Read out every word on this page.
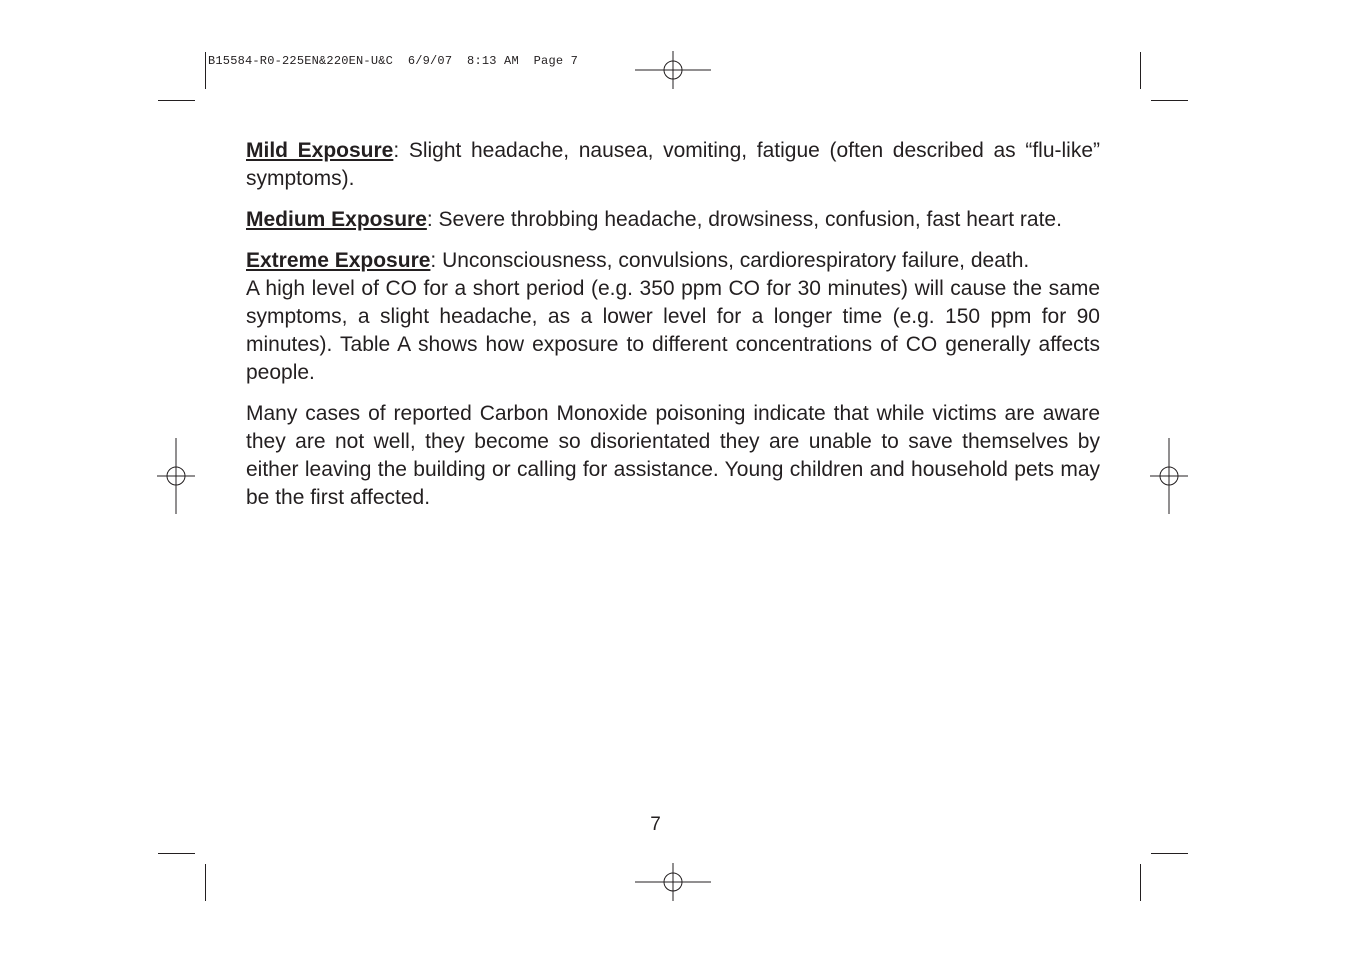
B15584-R0-225EN&220EN-U&C  6/9/07  8:13 AM  Page 7

Mild Exposure: Slight headache, nausea, vomiting, fatigue (often described as “flu-like” symptoms).

Medium Exposure: Severe throbbing headache, drowsiness, confusion, fast heart rate.

Extreme Exposure: Unconsciousness, convulsions, cardiorespiratory failure, death.
A high level of CO for a short period (e.g. 350 ppm CO for 30 minutes) will cause the same symptoms, a slight headache, as a lower level for a longer time (e.g. 150 ppm for 90 minutes). Table A shows how exposure to different concentrations of CO generally affects people.

Many cases of reported Carbon Monoxide poisoning indicate that while victims are aware they are not well, they become so disorientated they are unable to save themselves by either leaving the building or calling for assistance. Young children and household pets may be the first affected.

7
